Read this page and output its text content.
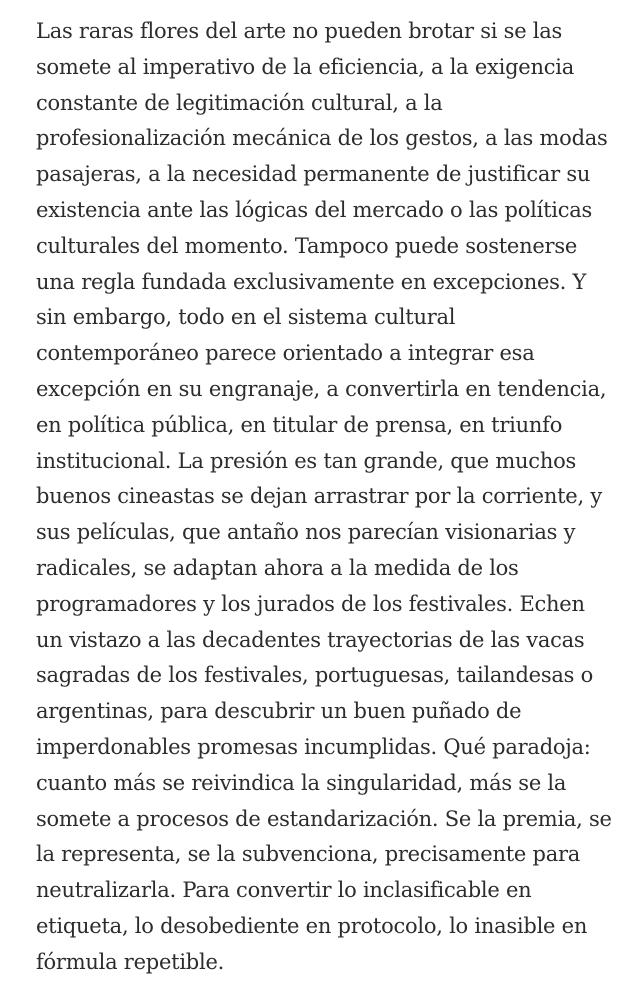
Las raras flores del arte no pueden brotar si se las
somete al imperativo de la eficiencia, a la exigencia
constante de legitimación cultural, a la
profesionalización mecánica de los gestos, a las modas
pasajeras, a la necesidad permanente de justificar su
existencia ante las lógicas del mercado o las políticas
culturales del momento. Tampoco puede sostenerse
una regla fundada exclusivamente en excepciones. Y
sin embargo, todo en el sistema cultural
contemporáneo parece orientado a integrar esa
excepción en su engranaje, a convertirla en tendencia,
en política pública, en titular de prensa, en triunfo
institucional. La presión es tan grande, que muchos
buenos cineastas se dejan arrastrar por la corriente, y
sus películas, que antaño nos parecían visionarias y
radicales, se adaptan ahora a la medida de los
programadores y los jurados de los festivales. Echen
un vistazo a las decadentes trayectorias de las vacas
sagradas de los festivales, portuguesas, tailandesas o
argentinas, para descubrir un buen puñado de
imperdonables promesas incumplidas. Qué paradoja:
cuanto más se reivindica la singularidad, más se la
somete a procesos de estandarización. Se la premia, se
la representa, se la subvenciona, precisamente para
neutralizarla. Para convertir lo inclasificable en
etiqueta, lo desobediente en protocolo, lo inasible en
fórmula repetible.
